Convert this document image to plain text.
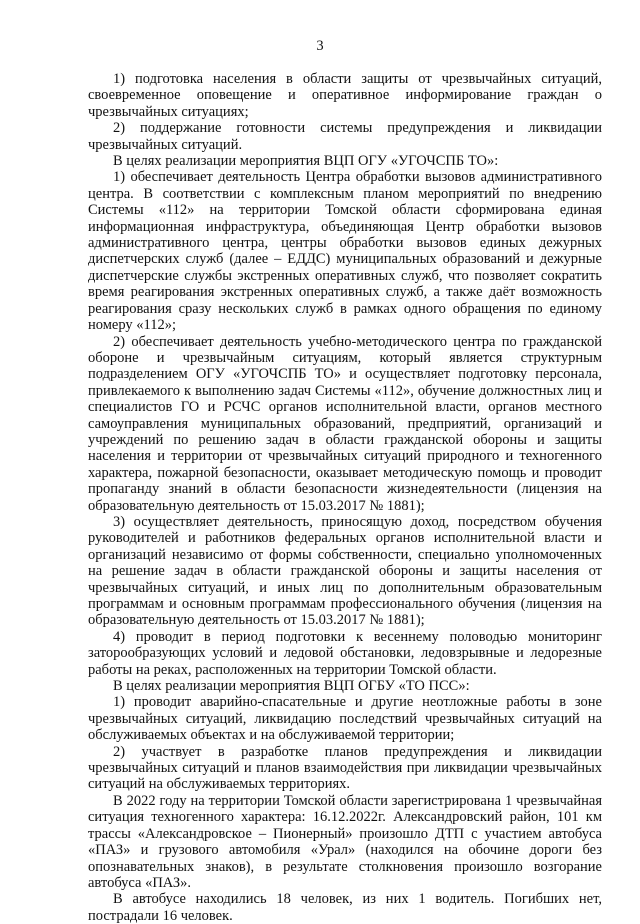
3

1) подготовка населения в области защиты от чрезвычайных ситуаций, своевременное оповещение и оперативное информирование граждан о чрезвычайных ситуациях;

2) поддержание готовности системы предупреждения и ликвидации чрезвычайных ситуаций.

В целях реализации мероприятия ВЦП ОГУ «УГОЧСПБ ТО»:

1) обеспечивает деятельность Центра обработки вызовов административного центра. В соответствии с комплексным планом мероприятий по внедрению Системы «112» на территории Томской области сформирована единая информационная инфраструктура, объединяющая Центр обработки вызовов административного центра, центры обработки вызовов единых дежурных диспетчерских служб (далее – ЕДДС) муниципальных образований и дежурные диспетчерские службы экстренных оперативных служб, что позволяет сократить время реагирования экстренных оперативных служб, а также даёт возможность реагирования сразу нескольких служб в рамках одного обращения по единому номеру «112»;

2) обеспечивает деятельность учебно-методического центра по гражданской обороне и чрезвычайным ситуациям, который является структурным подразделением ОГУ «УГОЧСПБ ТО» и осуществляет подготовку персонала, привлекаемого к выполнению задач Системы «112», обучение должностных лиц и специалистов ГО и РСЧС органов исполнительной власти, органов местного самоуправления муниципальных образований, предприятий, организаций и учреждений по решению задач в области гражданской обороны и защиты населения и территории от чрезвычайных ситуаций природного и техногенного характера, пожарной безопасности, оказывает методическую помощь и проводит пропаганду знаний в области безопасности жизнедеятельности (лицензия на образовательную деятельность от 15.03.2017 № 1881);

3) осуществляет деятельность, приносящую доход, посредством обучения руководителей и работников федеральных органов исполнительной власти и организаций независимо от формы собственности, специально уполномоченных на решение задач в области гражданской обороны и защиты населения от чрезвычайных ситуаций, и иных лиц по дополнительным образовательным программам и основным программам профессионального обучения (лицензия на образовательную деятельность от 15.03.2017 № 1881);

4) проводит в период подготовки к весеннему половодью мониторинг заторообразующих условий и ледовой обстановки, ледовзрывные и ледорезные работы на реках, расположенных на территории Томской области.

В целях реализации мероприятия ВЦП ОГБУ «ТО ПСС»:

1) проводит аварийно-спасательные и другие неотложные работы в зоне чрезвычайных ситуаций, ликвидацию последствий чрезвычайных ситуаций на обслуживаемых объектах и на обслуживаемой территории;

2) участвует в разработке планов предупреждения и ликвидации чрезвычайных ситуаций и планов взаимодействия при ликвидации чрезвычайных ситуаций на обслуживаемых территориях.

В 2022 году на территории Томской области зарегистрирована 1 чрезвычайная ситуация техногенного характера: 16.12.2022г. Александровский район, 101 км трассы «Александровское – Пионерный» произошло ДТП с участием автобуса «ПАЗ» и грузового автомобиля «Урал» (находился на обочине дороги без опознавательных знаков), в результате столкновения произошло возгорание автобуса «ПАЗ».

В автобусе находились 18 человек, из них 1 водитель. Погибших нет, пострадали 16 человек.
